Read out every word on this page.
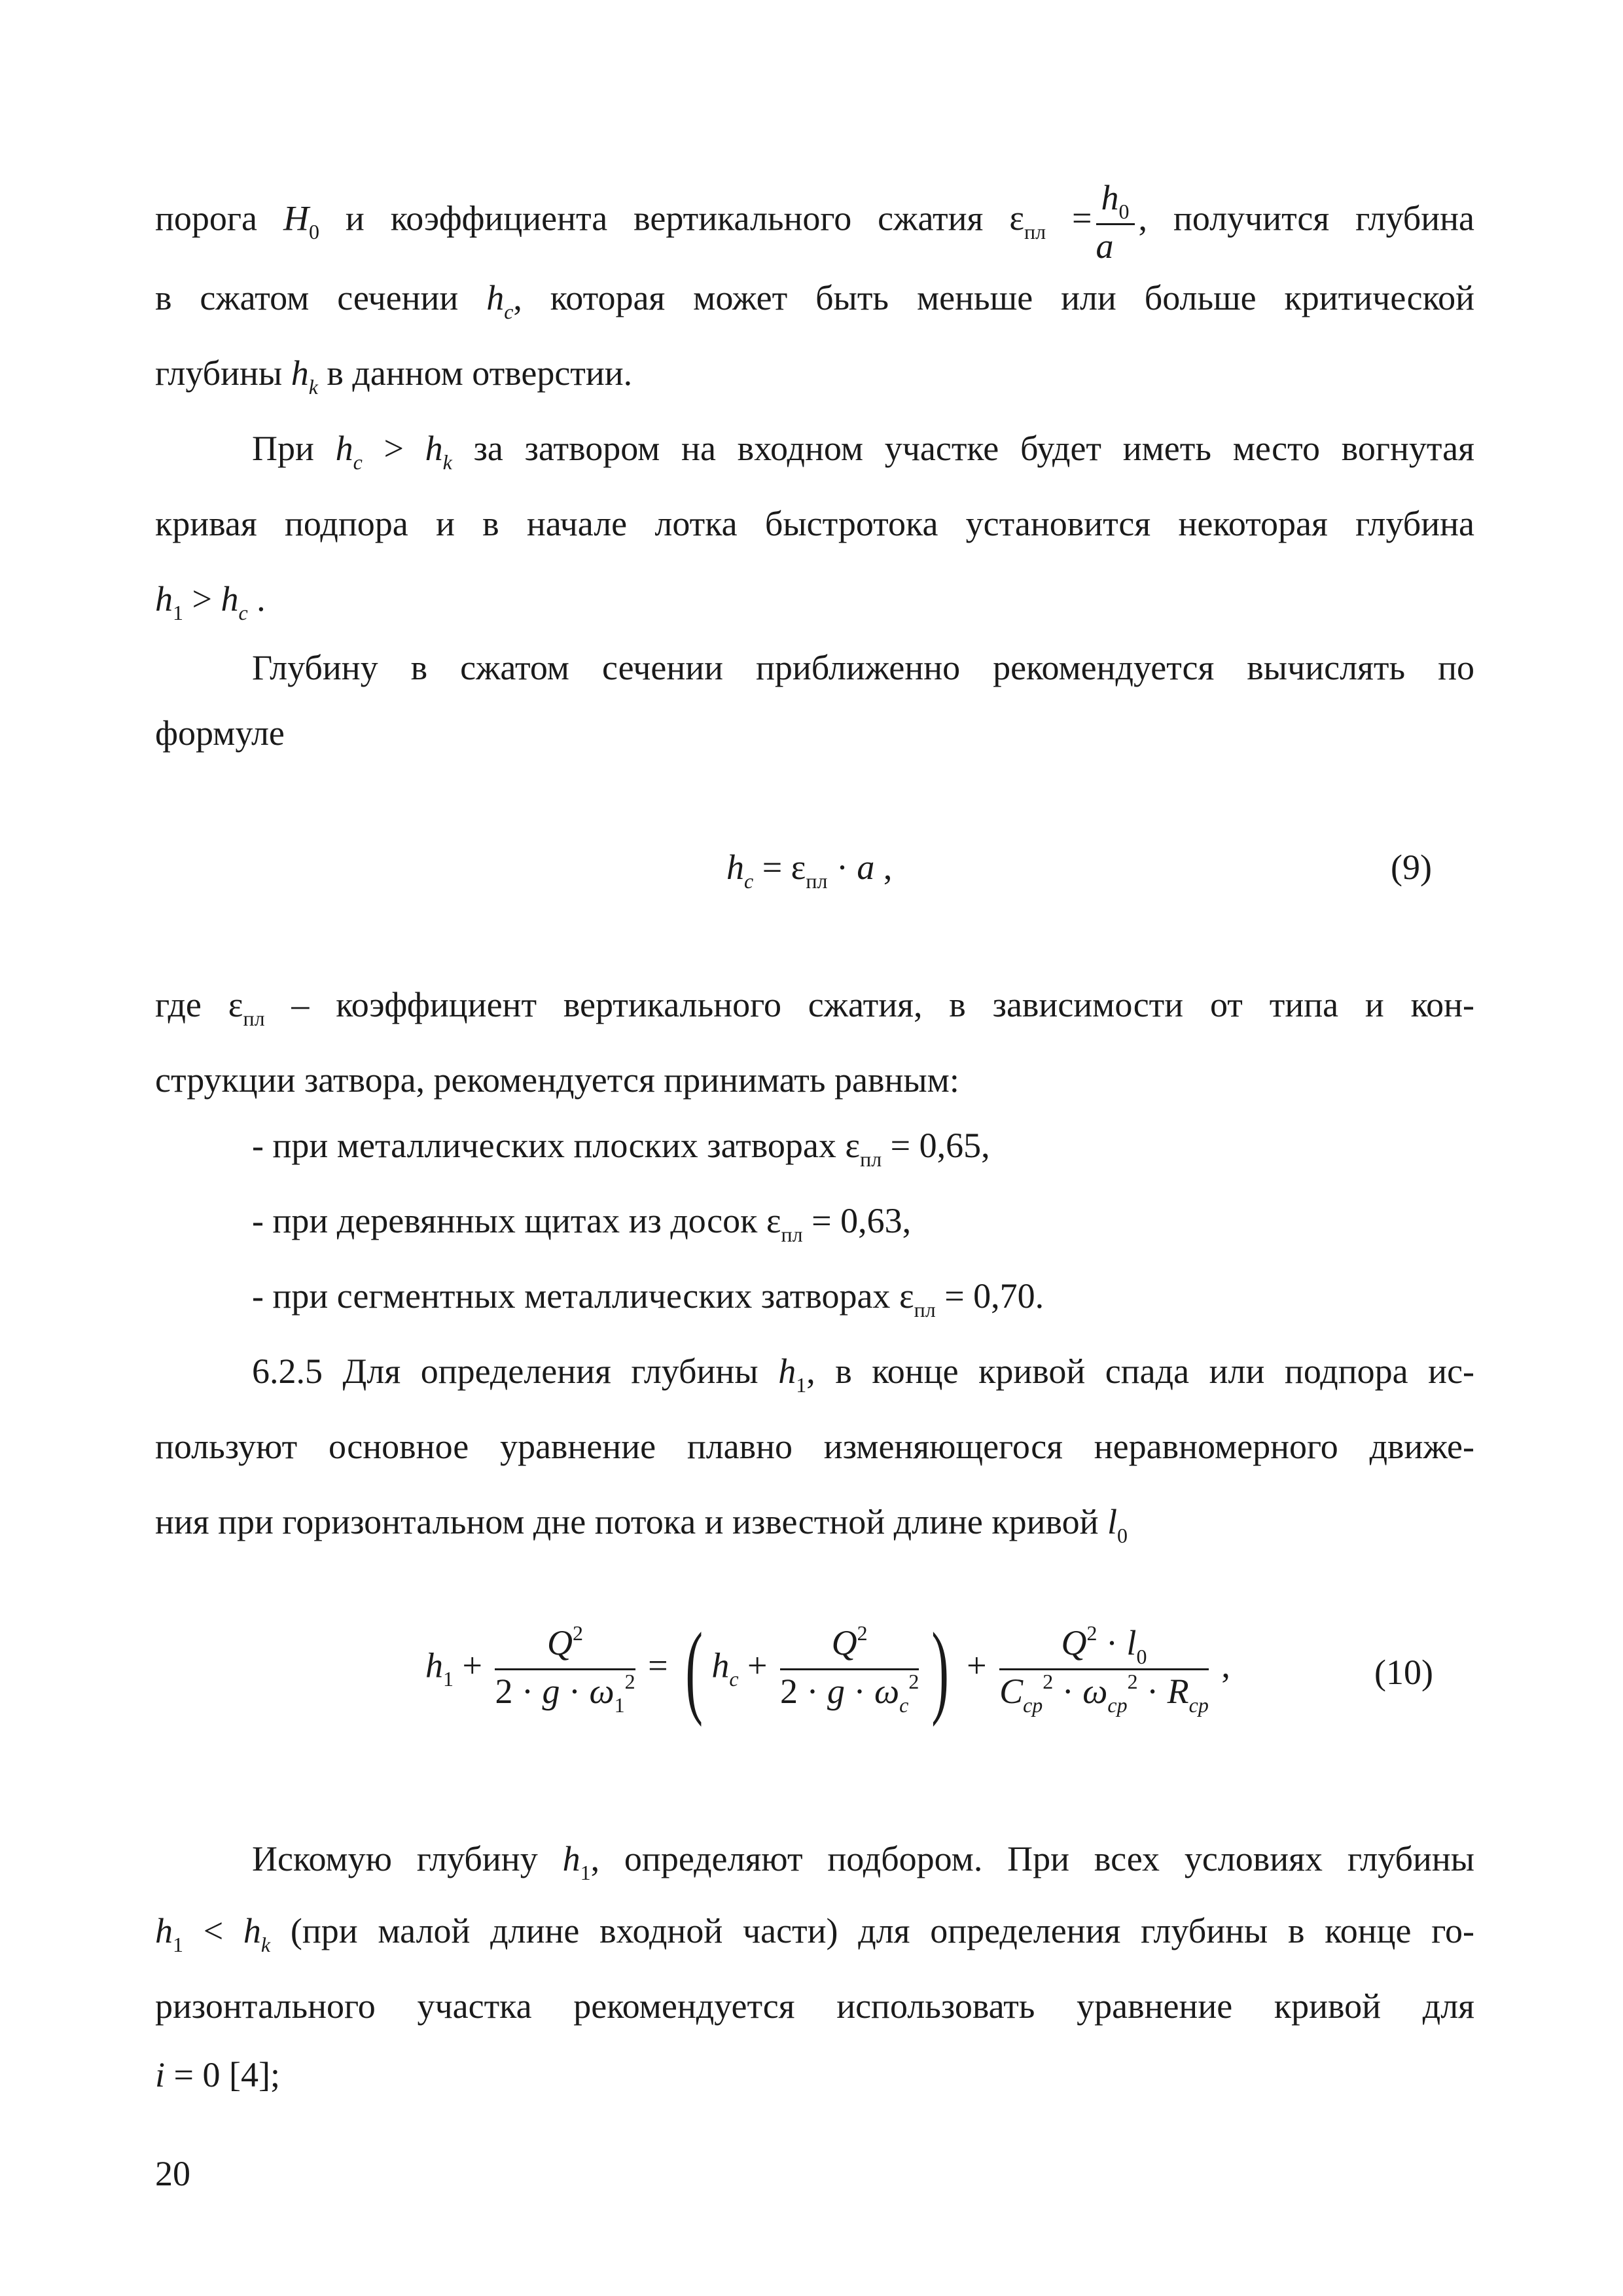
порога $H_0$ и коэффициента вертикального сжатия $\varepsilon_{пл} = \frac{h_0}{a}$ , получится глубина
в сжатом сечении $h_c$, которая может быть меньше или больше критической
глубины $h_k$ в данном отверстии.
При $h_c > h_k$ за затвором на входном участке будет иметь место вогнутая
кривая подпора и в начале лотка быстротока установится некоторая глубина
$h_1 > h_c$ .
Глубину в сжатом сечении приближенно рекомендуется вычислять по
формуле
$h_c = \varepsilon_{пл} \cdot a$ ,	(9)
где $\varepsilon_{пл}$ – коэффициент вертикального сжатия, в зависимости от типа и кон-
струкции затвора, рекомендуется принимать равным:
- при металлических плоских затворах $\varepsilon_{пл} = 0,65$,
- при деревянных щитах из досок $\varepsilon_{пл} = 0,63$,
- при сегментных металлических затворах $\varepsilon_{пл} = 0,70$.
6.2.5 Для определения глубины $h_1$, в конце кривой спада или подпора ис-
пользуют основное уравнение плавно изменяющегося неравномерного движе-
ния при горизонтальном дне потока и известной длине кривой $l_0$
$h_1 + \frac{Q^2}{2 \cdot g \cdot \omega_1^2}$ = ( $h_c + \frac{Q^2}{2 \cdot g \cdot \omega_c^2}$ ) + $\frac{Q^2 \cdot l_0}{C_{ср}^2 \cdot \omega_{ср}^2 \cdot R_{ср}}$ ,	(10)
Искомую глубину $h_1$, определяют подбором. При всех условиях глубины
$h_1 < h_k$ (при малой длине входной части) для определения глубины в конце го-
ризонтального участка рекомендуется использовать уравнение кривой для
i = 0 [4];
20
